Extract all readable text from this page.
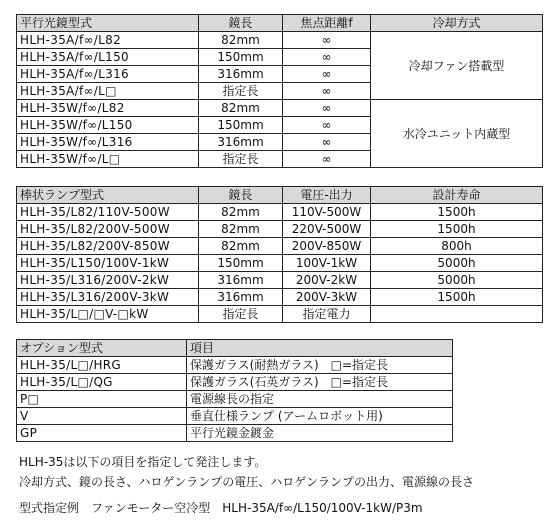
平行光鏡型式	鏡長	焦点距離f	冷却方式
HLH-35A/f∞/L82	82mm	∞	冷却ファン搭載型
HLH-35A/f∞/L150	150mm	∞	
HLH-35A/f∞/L316	316mm	∞	
HLH-35A/f∞/L□	指定長	∞	
HLH-35W/f∞/L82	82mm	∞	水冷ユニット内蔵型
HLH-35W/f∞/L150	150mm	∞	
HLH-35W/f∞/L316	316mm	∞	
HLH-35W/f∞/L□	指定長	∞	
棒状ランプ型式	鏡長	電圧-出力	設計寿命
HLH-35/L82/110V-500W	82mm	110V-500W	1500h
HLH-35/L82/200V-500W	82mm	220V-500W	1500h
HLH-35/L82/200V-850W	82mm	200V-850W	800h
HLH-35/L150/100V-1kW	150mm	100V-1kW	5000h
HLH-35/L316/200V-2kW	316mm	200V-2kW	5000h
HLH-35/L316/200V-3kW	316mm	200V-3kW	1500h
HLH-35/L□/□V-□kW	指定長	指定電力	
オプション型式	項目
HLH-35/L□/HRG	保護ガラス(耐熱ガラス)　□=指定長
HLH-35/L□/QG	保護ガラス(石英ガラス)　□=指定長
P□	電源線長の指定
V	垂直仕様ランプ (アームロボット用)
GP	平行光鏡金鍍金
HLH-35は以下の項目を指定して発注します。
冷却方式、鏡の長さ、ハロゲンランプの電圧、ハロゲンランプの出力、電源線の長さ
型式指定例　ファンモーター空冷型　HLH-35A/f∞/L150/100V-1kW/P3m
